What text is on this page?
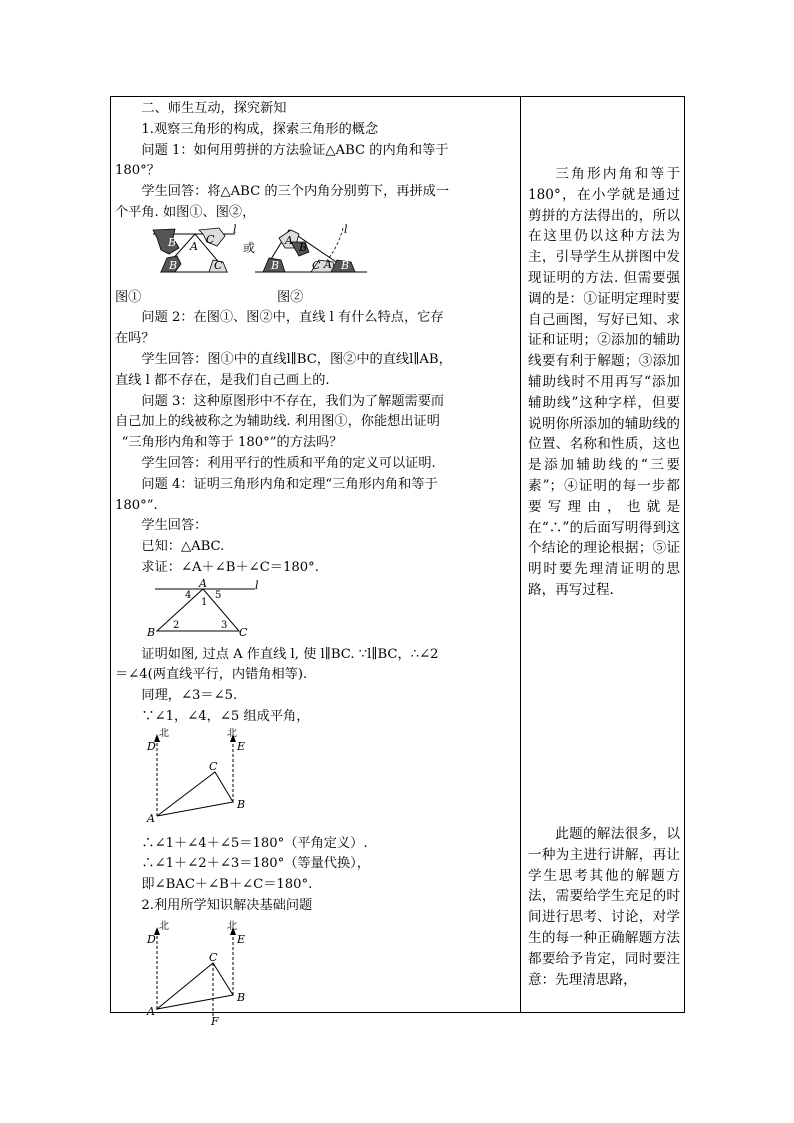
二、师生互动，探究新知

1.观察三角形的构成，探索三角形的概念

问题 1：如何用剪拼的方法验证△ABC 的内角和等于

180°？

学生回答：将△ABC 的三个内角分别剪下，再拼成一

个平角. 如图①、图②，

B A
C
B	C
l
或
A
B
B	C A B
l

图①	图②

问题 2：在图①、图②中，直线 l 有什么特点，它存

在吗？

学生回答：图①中的直线l∥BC，图②中的直线l∥AB，

直线 l 都不存在，是我们自己画上的.

问题 3：这种原图形中不存在，我们为了解题需要而

自己加上的线被称之为辅助线. 利用图①，你能想出证明

“三角形内角和等于 180°”的方法吗？

学生回答：利用平行的性质和平角的定义可以证明.

问题 4：证明三角形内角和定理“三角形内角和等于

180°”.

学生回答：

已知：△ABC.

求证：∠A＋∠B＋∠C＝180°.

A
B	C
l
1
2	3
4 5

证明如图, 过点 A 作直线 l, 使 l∥BC. ∵l∥BC，∴∠2

＝∠4(两直线平行，内错角相等).

同理，∠3＝∠5.

∵∠1，∠4，∠5 组成平角，

北	北
D	E
C
A
B

∴∠1＋∠4＋∠5＝180°（平角定义）.

∴∠1＋∠2＋∠3＝180°（等量代换），

即∠BAC＋∠B＋∠C＝180°.

2.利用所学知识解决基础问题

北	北
D	E
C
A
B
F

三角形内角和等于 180°，在小学就是通过剪拼的方法得出的，所以在这里仍以这种方法为主，引导学生从拼图中发现证明的方法. 但需要强调的是：①证明定理时要自己画图，写好已知、求证和证明；②添加的辅助线要有利于解题；③添加辅助线时不用再写“添加辅助线”这种字样，但要说明你所添加的辅助线的位置、名称和性质，这也是添加辅助线的“三要素”；④证明的每一步都要写理由，也就是在“∴”的后面写明得到这个结论的理论根据；⑤证明时要先理清证明的思路，再写过程.

此题的解法很多，以一种为主进行讲解，再让学生思考其他的解题方法，需要给学生充足的时间进行思考、讨论，对学生的每一种正确解题方法都要给予肯定，同时要注意：先理清思路，
